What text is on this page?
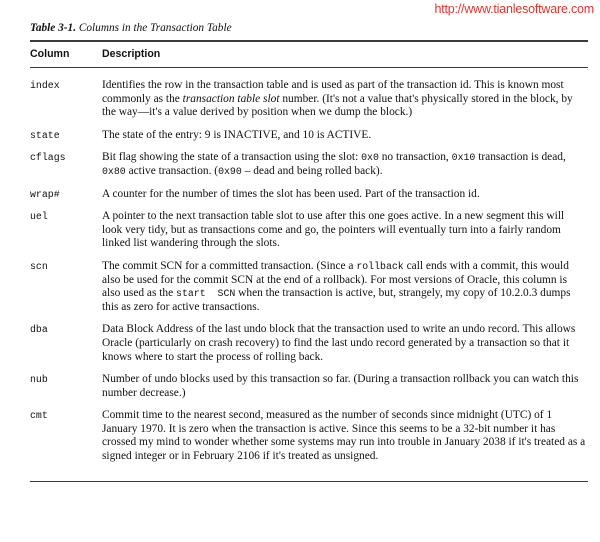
http://www.tianlesoftware.com
Table 3-1. Columns in the Transaction Table
Column	Description
index	Identifies the row in the transaction table and is used as part of the transaction id. This is known most commonly as the transaction table slot number. (It's not a value that's physically stored in the block, by the way—it's a value derived by position when we dump the block.)
state	The state of the entry: 9 is INACTIVE, and 10 is ACTIVE.
cflags	Bit flag showing the state of a transaction using the slot: 0x0 no transaction, 0x10 transaction is dead, 0x80 active transaction. (0x90 – dead and being rolled back).
wrap#	A counter for the number of times the slot has been used. Part of the transaction id.
uel	A pointer to the next transaction table slot to use after this one goes active. In a new segment this will look very tidy, but as transactions come and go, the pointers will eventually turn into a fairly random linked list wandering through the slots.
scn	The commit SCN for a committed transaction. (Since a rollback call ends with a commit, this would also be used for the commit SCN at the end of a rollback). For most versions of Oracle, this column is also used as the start  SCN when the transaction is active, but, strangely, my copy of 10.2.0.3 dumps this as zero for active transactions.
dba	Data Block Address of the last undo block that the transaction used to write an undo record. This allows Oracle (particularly on crash recovery) to find the last undo record generated by a transaction so that it knows where to start the process of rolling back.
nub	Number of undo blocks used by this transaction so far. (During a transaction rollback you can watch this number decrease.)
cmt	Commit time to the nearest second, measured as the number of seconds since midnight (UTC) of 1 January 1970. It is zero when the transaction is active. Since this seems to be a 32-bit number it has crossed my mind to wonder whether some systems may run into trouble in January 2038 if it's treated as a signed integer or in February 2106 if it's treated as unsigned.
